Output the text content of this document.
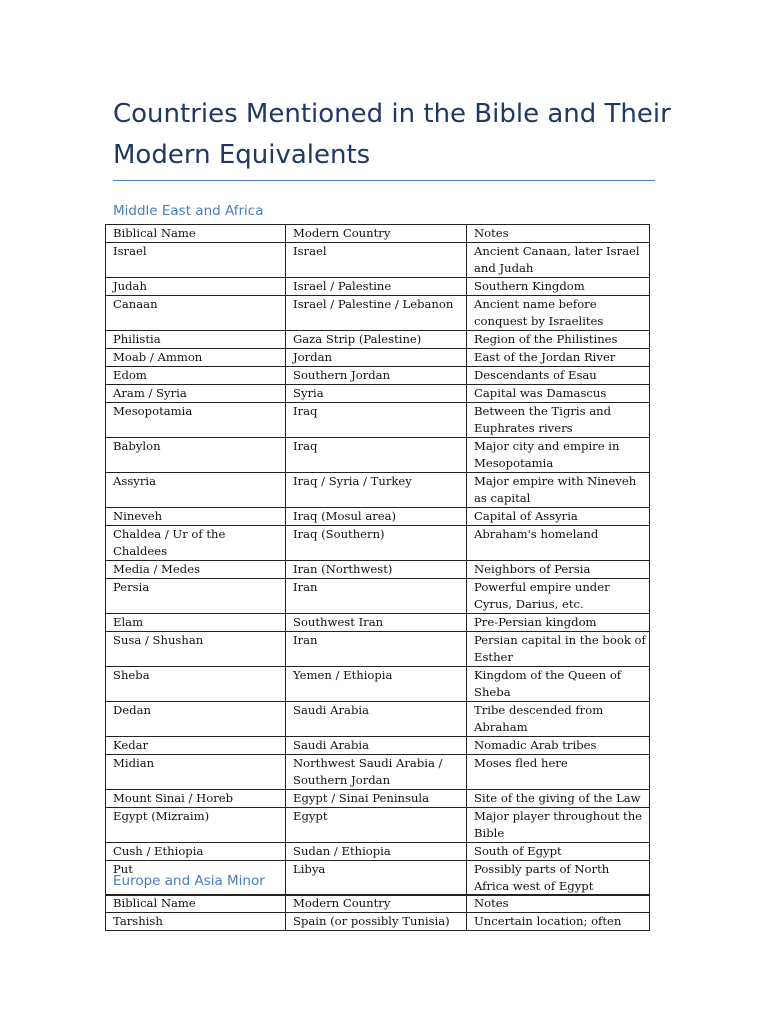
Countries Mentioned in the Bible and Their Modern Equivalents
Middle East and Africa
Biblical Name	Modern Country	Notes
Israel	Israel	Ancient Canaan, later Israel and Judah
Judah	Israel / Palestine	Southern Kingdom
Canaan	Israel / Palestine / Lebanon	Ancient name before conquest by Israelites
Philistia	Gaza Strip (Palestine)	Region of the Philistines
Moab / Ammon	Jordan	East of the Jordan River
Edom	Southern Jordan	Descendants of Esau
Aram / Syria	Syria	Capital was Damascus
Mesopotamia	Iraq	Between the Tigris and Euphrates rivers
Babylon	Iraq	Major city and empire in Mesopotamia
Assyria	Iraq / Syria / Turkey	Major empire with Nineveh as capital
Nineveh	Iraq (Mosul area)	Capital of Assyria
Chaldea / Ur of the Chaldees	Iraq (Southern)	Abraham's homeland
Media / Medes	Iran (Northwest)	Neighbors of Persia
Persia	Iran	Powerful empire under Cyrus, Darius, etc.
Elam	Southwest Iran	Pre-Persian kingdom
Susa / Shushan	Iran	Persian capital in the book of Esther
Sheba	Yemen / Ethiopia	Kingdom of the Queen of Sheba
Dedan	Saudi Arabia	Tribe descended from Abraham
Kedar	Saudi Arabia	Nomadic Arab tribes
Midian	Northwest Saudi Arabia / Southern Jordan	Moses fled here
Mount Sinai / Horeb	Egypt / Sinai Peninsula	Site of the giving of the Law
Egypt (Mizraim)	Egypt	Major player throughout the Bible
Cush / Ethiopia	Sudan / Ethiopia	South of Egypt
Put	Libya	Possibly parts of North Africa west of Egypt
Europe and Asia Minor
Biblical Name	Modern Country	Notes
Tarshish	Spain (or possibly Tunisia)	Uncertain location; often
